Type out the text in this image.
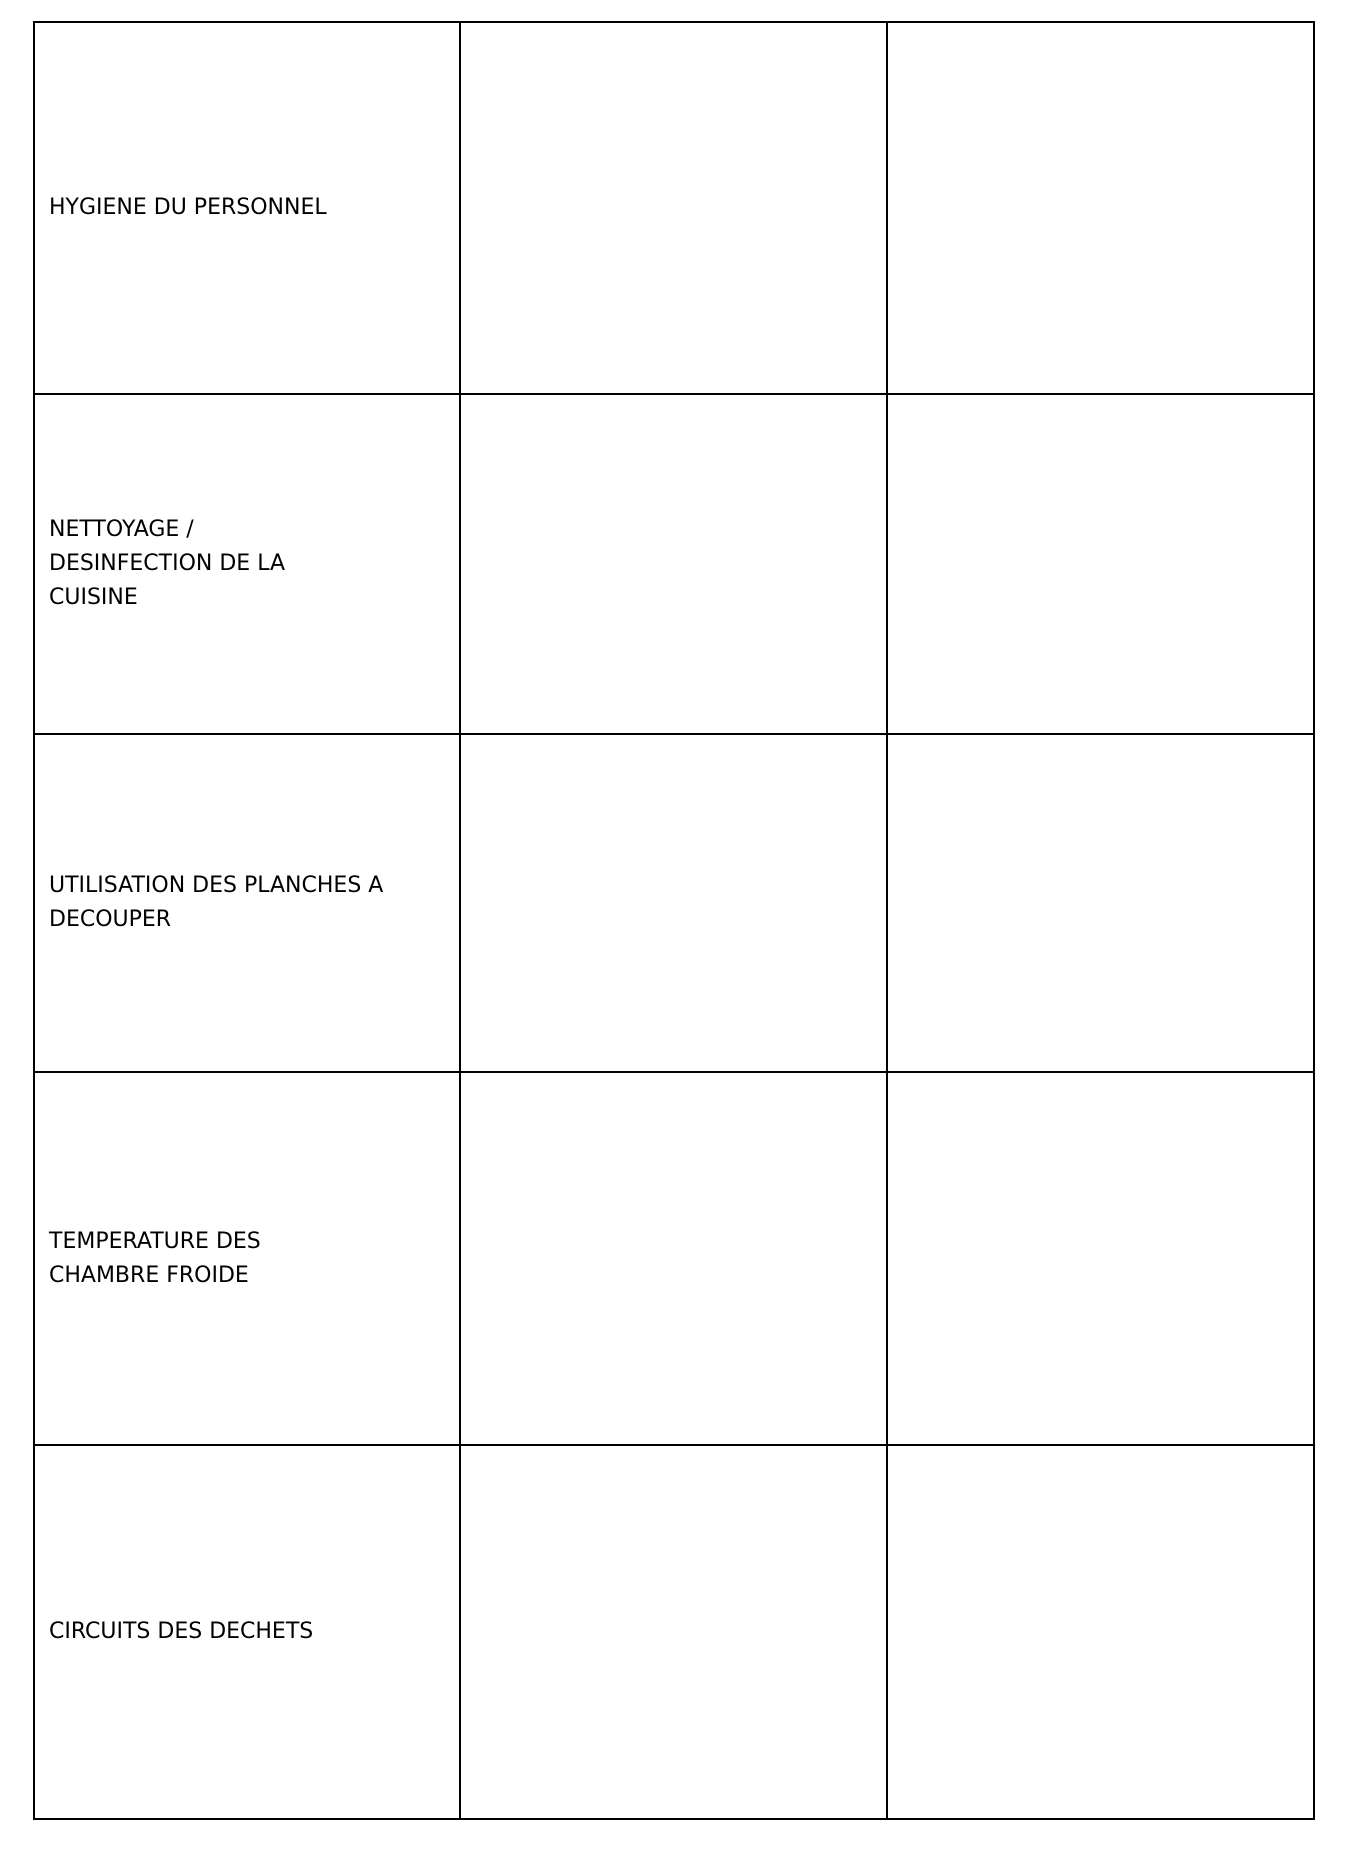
HYGIENE DU PERSONNEL		

NETTOYAGE / DESINFECTION DE LA CUISINE		

UTILISATION DES PLANCHES A DECOUPER		

TEMPERATURE DES CHAMBRE FROIDE		

CIRCUITS DES DECHETS		
